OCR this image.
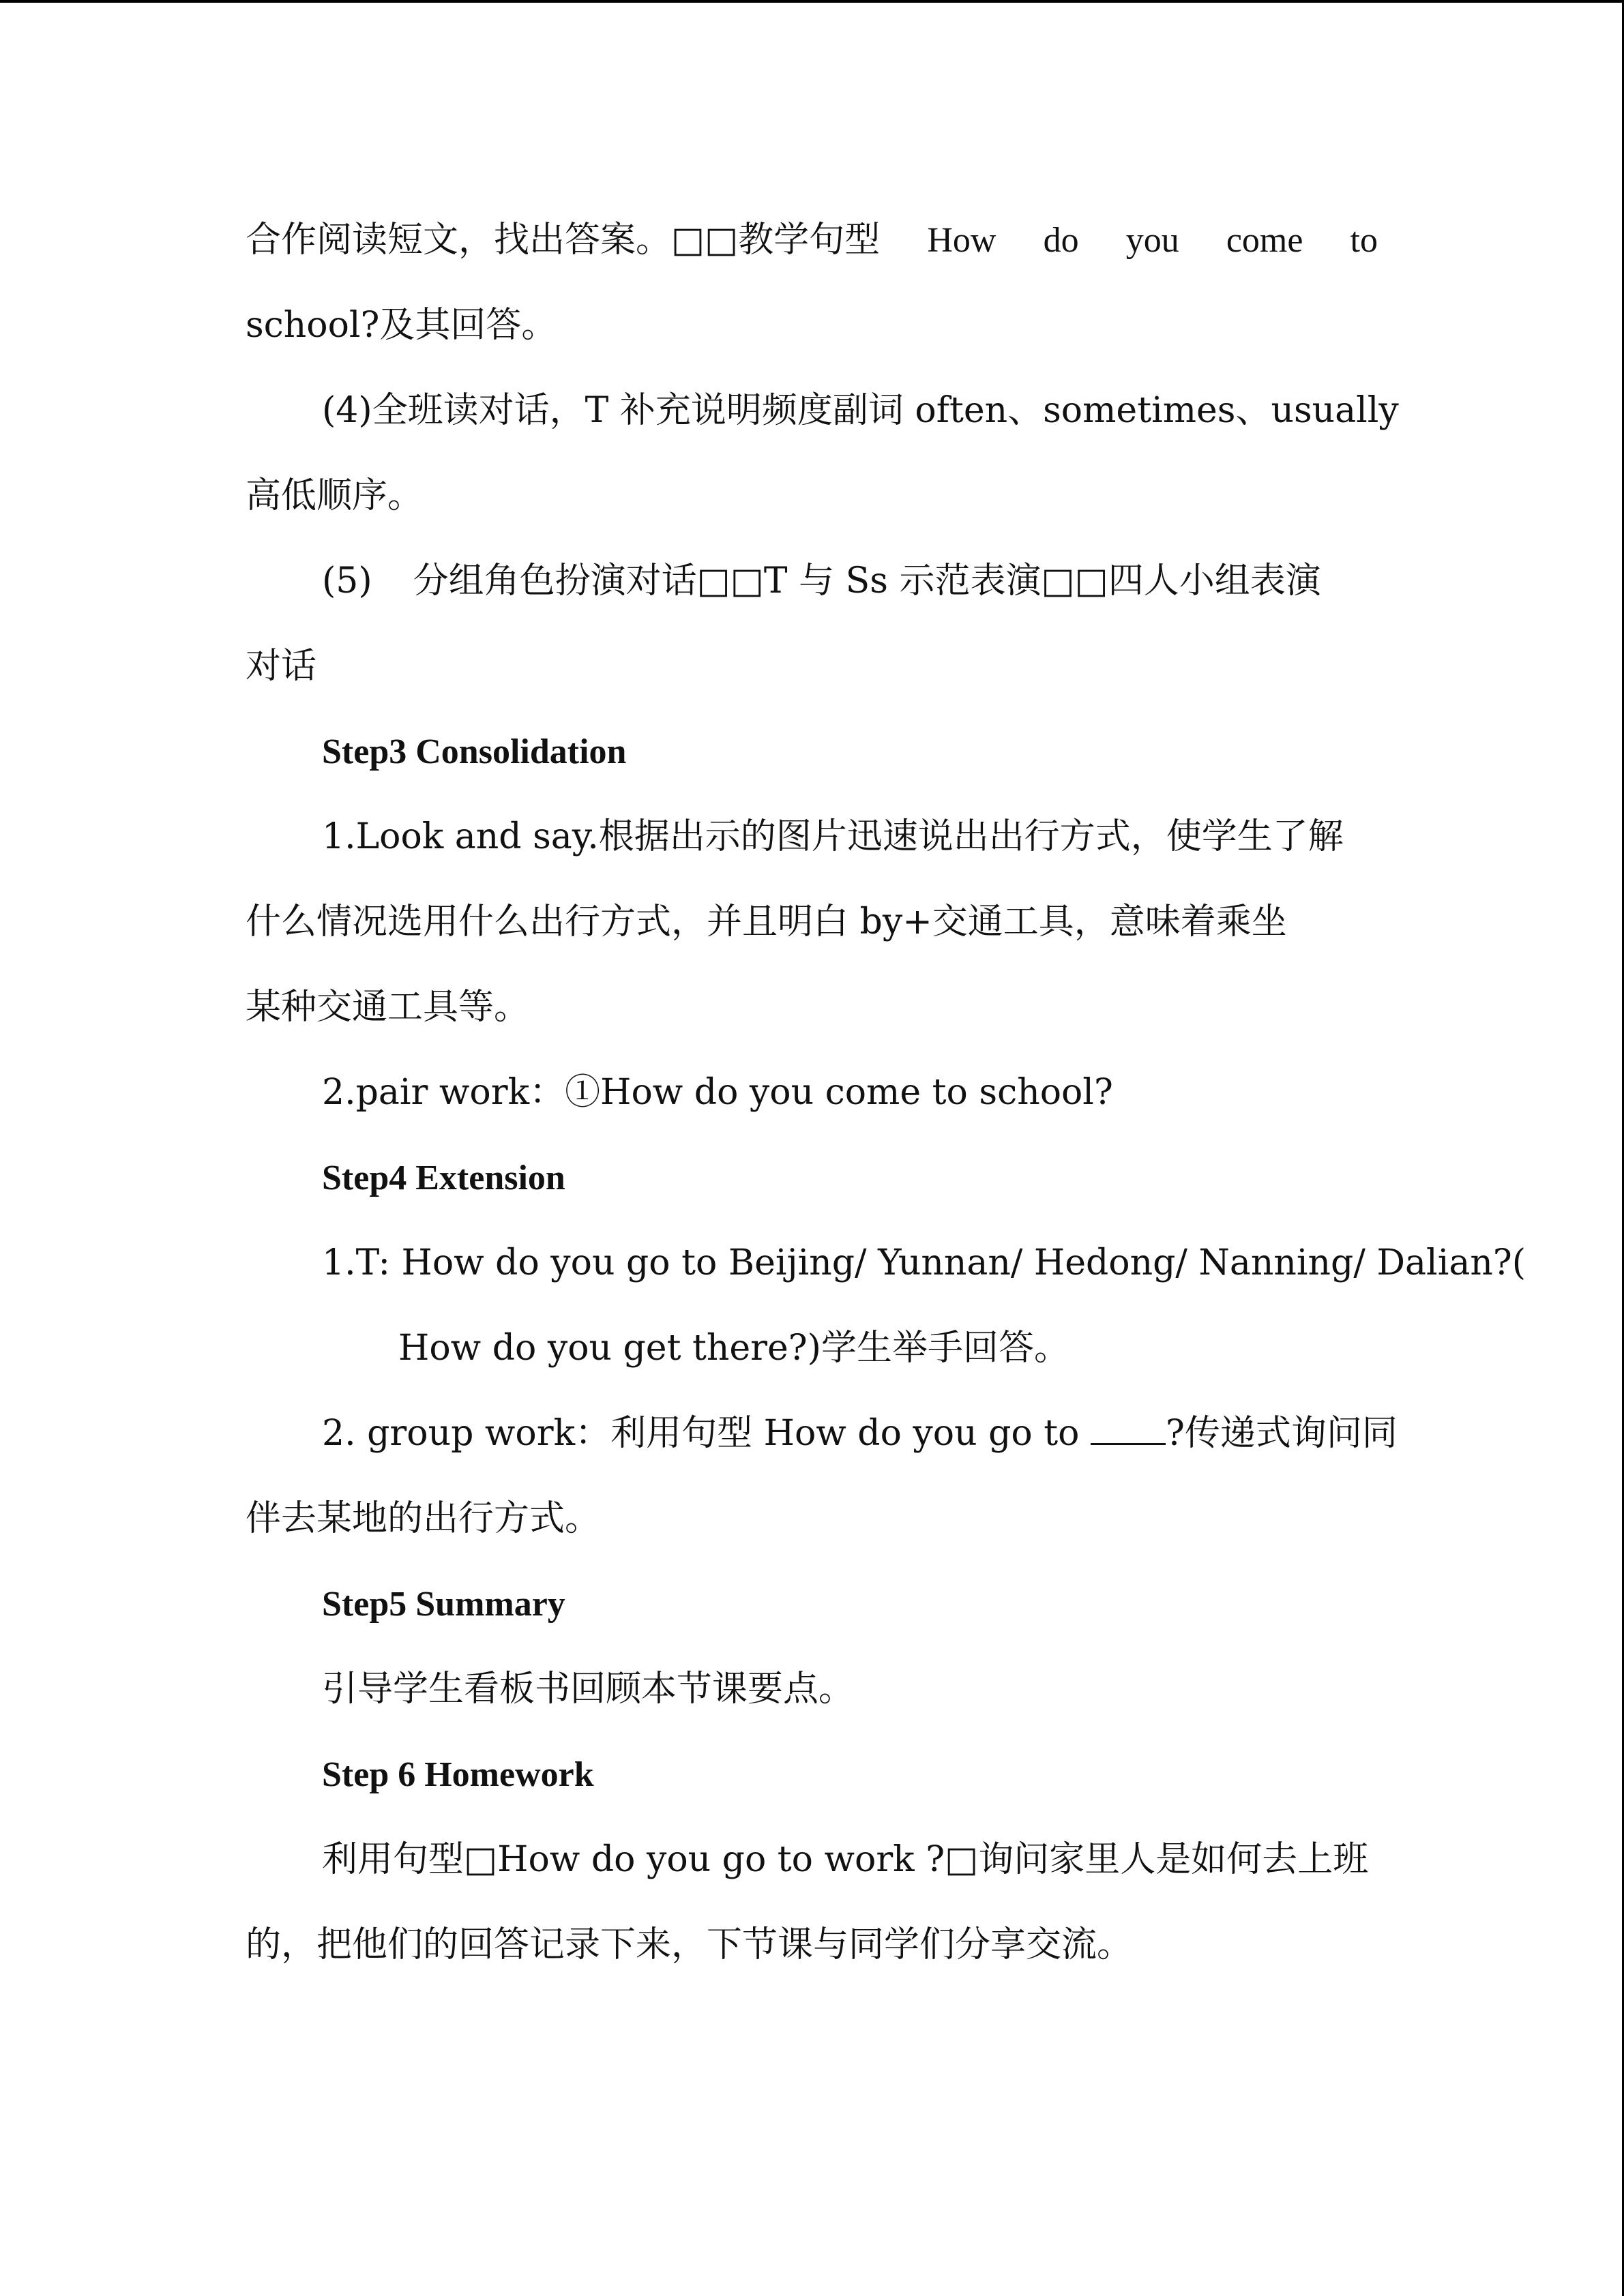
合作阅读短文，找出答案。□□教学句型 How do you come to
school?及其回答。
(4)全班读对话，T 补充说明频度副词 often、sometimes、usually
高低顺序。
(5) 分组角色扮演对话□□T 与 Ss 示范表演□□四人小组表演
对话
Step3 Consolidation
1.Look and say.根据出示的图片迅速说出出行方式，使学生了解
什么情况选用什么出行方式，并且明白 by+交通工具，意味着乘坐
某种交通工具等。
2.pair work：①How do you come to school?
Step4 Extension
1.T: How do you go to Beijing/ Yunnan/ Hedong/ Nanning/ Dalian?(
How do you get there?)学生举手回答。
2. group work：利用句型 How do you go to ?传递式询问同
伴去某地的出行方式。
Step5 Summary
引导学生看板书回顾本节课要点。
Step 6 Homework
利用句型□How do you go to work ?□询问家里人是如何去上班
的，把他们的回答记录下来，下节课与同学们分享交流。
